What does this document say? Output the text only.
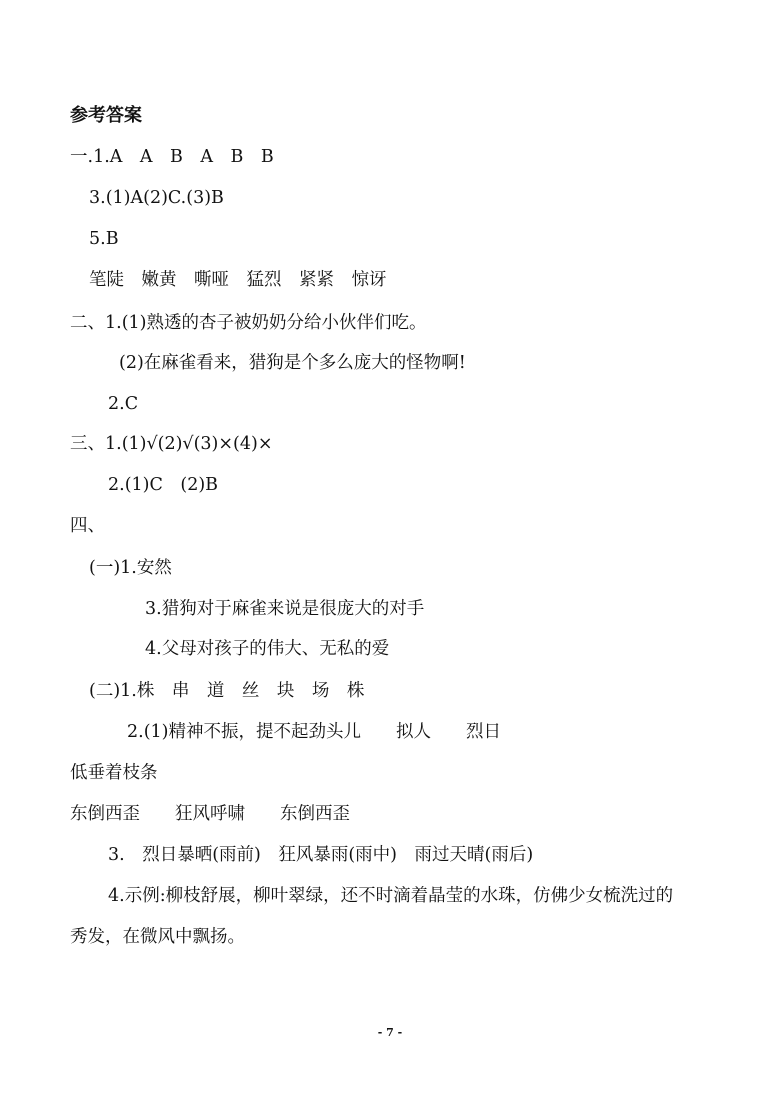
参考答案
一.1.A　A　B　A　B　B
3.(1)A(2)C.(3)B
5.B
笔陡　嫩黄　嘶哑　猛烈　紧紧　惊讶
二、1.(1)熟透的杏子被奶奶分给小伙伴们吃。
(2)在麻雀看来，猎狗是个多么庞大的怪物啊!
2.C
三、1.(1)√(2)√(3)×(4)×
2.(1)C　(2)B
四、
(一)1.安然
3.猎狗对于麻雀来说是很庞大的对手
4.父母对孩子的伟大、无私的爱
(二)1.株　串　道　丝　块　场　株
2.(1)精神不振，提不起劲头儿　　拟人　　烈日
低垂着枝条
东倒西歪　　狂风呼啸　　东倒西歪
3.　烈日暴晒(雨前)　狂风暴雨(雨中)　雨过天晴(雨后)
4.示例:柳枝舒展，柳叶翠绿，还不时滴着晶莹的水珠，仿佛少女梳洗过的
秀发，在微风中飘扬。
- 7 -
